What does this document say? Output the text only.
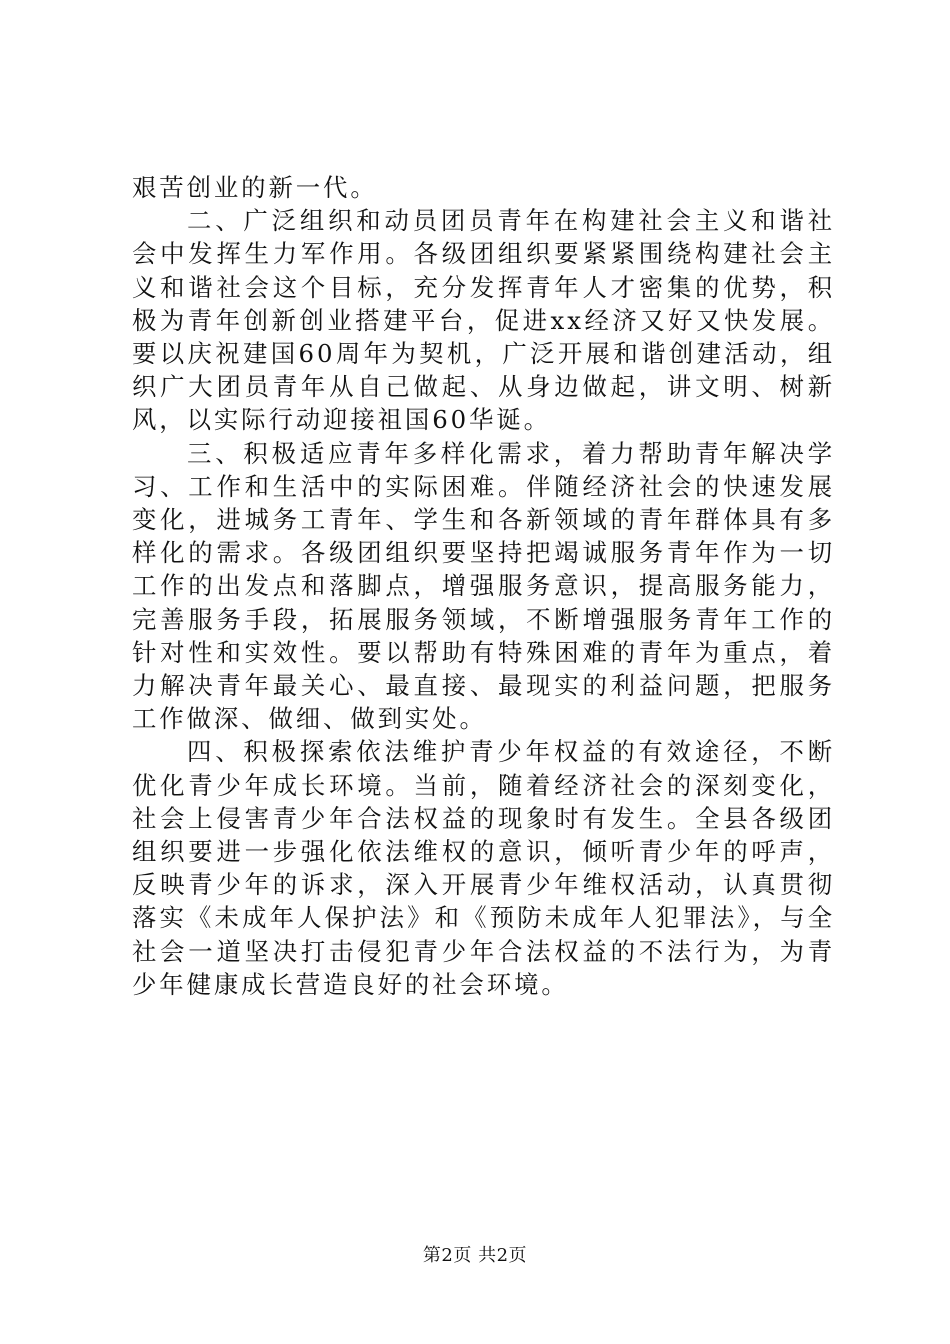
艰苦创业的新一代。

二、广泛组织和动员团员青年在构建社会主义和谐社会中发挥生力军作用。各级团组织要紧紧围绕构建社会主义和谐社会这个目标，充分发挥青年人才密集的优势，积极为青年创新创业搭建平台，促进xx经济又好又快发展。要以庆祝建国60周年为契机，广泛开展和谐创建活动，组织广大团员青年从自己做起、从身边做起，讲文明、树新风，以实际行动迎接祖国60华诞。

三、积极适应青年多样化需求，着力帮助青年解决学习、工作和生活中的实际困难。伴随经济社会的快速发展变化，进城务工青年、学生和各新领域的青年群体具有多样化的需求。各级团组织要坚持把竭诚服务青年作为一切工作的出发点和落脚点，增强服务意识，提高服务能力，完善服务手段，拓展服务领域，不断增强服务青年工作的针对性和实效性。要以帮助有特殊困难的青年为重点，着力解决青年最关心、最直接、最现实的利益问题，把服务工作做深、做细、做到实处。

四、积极探索依法维护青少年权益的有效途径，不断优化青少年成长环境。当前，随着经济社会的深刻变化，社会上侵害青少年合法权益的现象时有发生。全县各级团组织要进一步强化依法维权的意识，倾听青少年的呼声，反映青少年的诉求，深入开展青少年维权活动，认真贯彻落实《未成年人保护法》和《预防未成年人犯罪法》，与全社会一道坚决打击侵犯青少年合法权益的不法行为，为青少年健康成长营造良好的社会环境。

第2页 共2页
